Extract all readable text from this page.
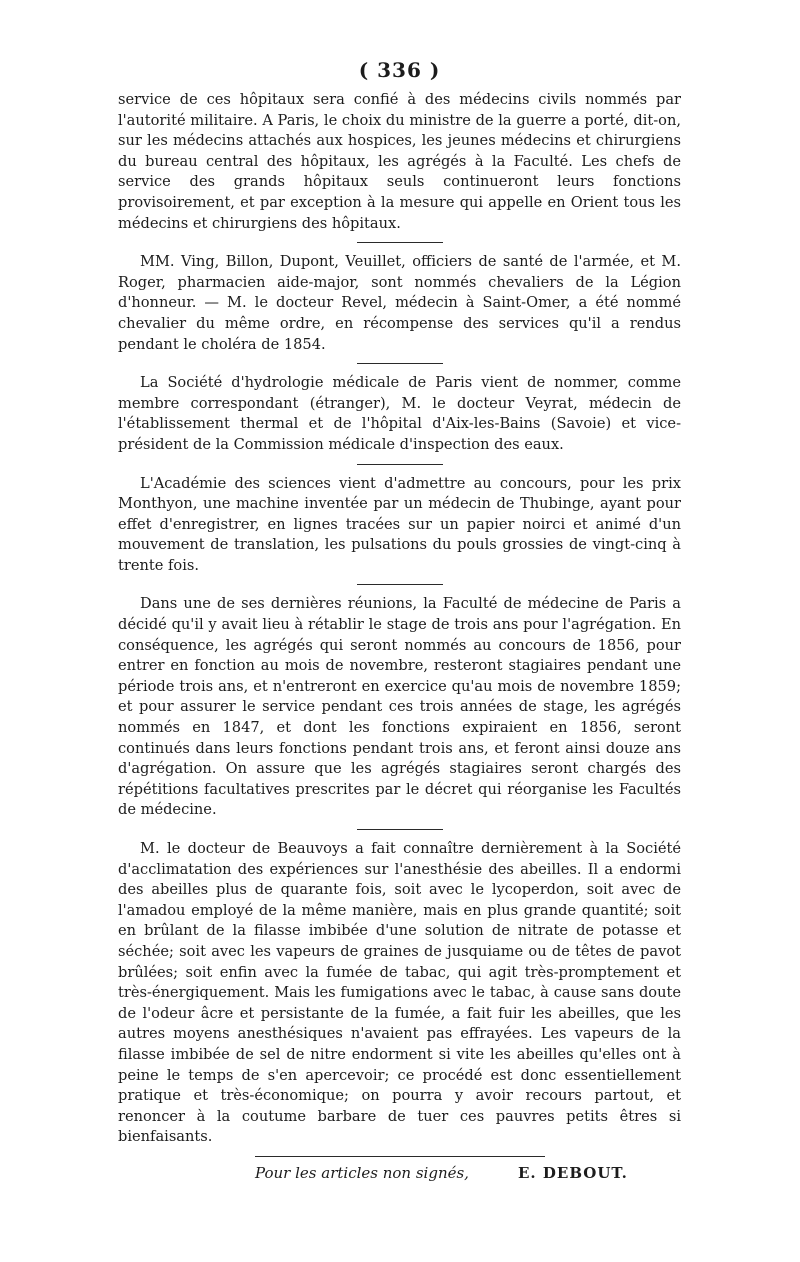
( 336 )

service de ces hôpitaux sera confié à des médecins civils nommés par l'autorité militaire. A Paris, le choix du ministre de la guerre a porté, dit-on, sur les médecins attachés aux hospices, les jeunes médecins et chirurgiens du bureau central des hôpitaux, les agrégés à la Faculté. Les chefs de service des grands hôpitaux seuls continueront leurs fonctions provisoirement, et par exception à la mesure qui appelle en Orient tous les médecins et chirurgiens des hôpitaux.

MM. Ving, Billon, Dupont, Veuillet, officiers de santé de l'armée, et M. Roger, pharmacien aide-major, sont nommés chevaliers de la Légion d'honneur. — M. le docteur Revel, médecin à Saint-Omer, a été nommé chevalier du même ordre, en récompense des services qu'il a rendus pendant le choléra de 1854.

La Société d'hydrologie médicale de Paris vient de nommer, comme membre correspondant (étranger), M. le docteur Veyrat, médecin de l'établissement thermal et de l'hôpital d'Aix-les-Bains (Savoie) et vice-président de la Commission médicale d'inspection des eaux.

L'Académie des sciences vient d'admettre au concours, pour les prix Monthyon, une machine inventée par un médecin de Thubinge, ayant pour effet d'enregistrer, en lignes tracées sur un papier noirci et animé d'un mouvement de translation, les pulsations du pouls grossies de vingt-cinq à trente fois.

Dans une de ses dernières réunions, la Faculté de médecine de Paris a décidé qu'il y avait lieu à rétablir le stage de trois ans pour l'agrégation. En conséquence, les agrégés qui seront nommés au concours de 1856, pour entrer en fonction au mois de novembre, resteront stagiaires pendant une période trois ans, et n'entreront en exercice qu'au mois de novembre 1859; et pour assurer le service pendant ces trois années de stage, les agrégés nommés en 1847, et dont les fonctions expiraient en 1856, seront continués dans leurs fonctions pendant trois ans, et feront ainsi douze ans d'agrégation. On assure que les agrégés stagiaires seront chargés des répétitions facultatives prescrites par le décret qui réorganise les Facultés de médecine.

M. le docteur de Beauvoys a fait connaître dernièrement à la Société d'acclimatation des expériences sur l'anesthésie des abeilles. Il a endormi des abeilles plus de quarante fois, soit avec le lycoperdon, soit avec de l'amadou employé de la même manière, mais en plus grande quantité; soit en brûlant de la filasse imbibée d'une solution de nitrate de potasse et séchée; soit avec les vapeurs de graines de jusquiame ou de têtes de pavot brûlées; soit enfin avec la fumée de tabac, qui agit très-promptement et très-énergiquement. Mais les fumigations avec le tabac, à cause sans doute de l'odeur âcre et persistante de la fumée, a fait fuir les abeilles, que les autres moyens anesthésiques n'avaient pas effrayées. Les vapeurs de la filasse imbibée de sel de nitre endorment si vite les abeilles qu'elles ont à peine le temps de s'en apercevoir; ce procédé est donc essentiellement pratique et très-économique; on pourra y avoir recours partout, et renoncer à la coutume barbare de tuer ces pauvres petits êtres si bienfaisants.

Pour les articles non signés,	E. DEBOUT.
